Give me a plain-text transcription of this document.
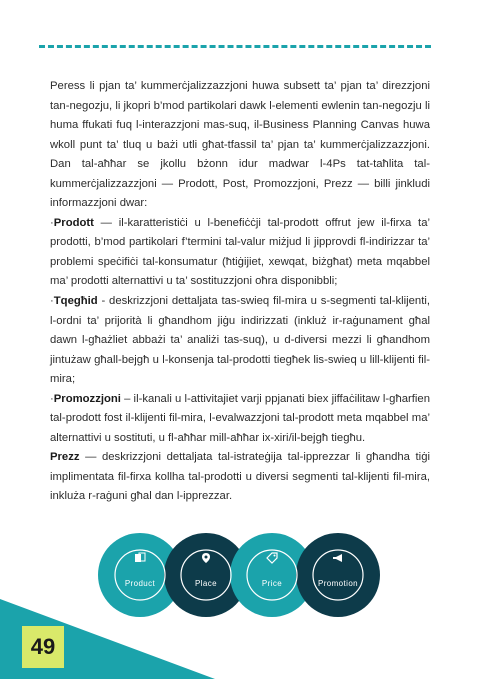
Peress li pjan ta’ kummerċjalizzazzjoni huwa subsett ta’ pjan ta’ direzzjoni tan-negozju, li jkopri b’mod partikolari dawk l-elementi ewlenin tan-negozju li huma ffukati fuq l-interazzjoni mas-suq, il-Business Planning Canvas huwa wkoll punt ta’ tluq u bażi utli għat-tfassil ta’ pjan ta’ kummerċjalizzazzjoni. Dan tal-aħħar se jkollu bżonn idur madwar l-4Ps tat-taħlita tal-kummerċjalizzazzjoni — Prodott, Post, Promozzjoni, Prezz — billi jinkludi informazzjoni dwar:

·Prodott — il-karatteristiċi u l-benefiċċji tal-prodott offrut jew il-firxa ta’ prodotti, b’mod partikolari f’termini tal-valur miżjud li jipprovdi fl-indirizzar ta’ problemi speċifiċi tal-konsumatur (ħtiġijiet, xewqat, biżgħat) meta mqabbel ma’ prodotti alternattivi u ta’ sostituzzjoni oħra disponibbli;

·Tqegħid - deskrizzjoni dettaljata tas-swieq fil-mira u s-segmenti tal-klijenti, l-ordni ta’ prijorità li għandhom jiġu indirizzati (inkluż ir-raġunament għal dawn l-għażliet abbażi ta’ analiżi tas-suq), u d-diversi mezzi li għandhom jintużaw għall-bejgħ u l-konsenja tal-prodotti tiegħek lis-swieq u lill-klijenti fil-mira;

·Promozzjoni – il-kanali u l-attivitajiet varji ppjanati biex jiffaċilitaw l-għarfien tal-prodott fost il-klijenti fil-mira, l-evalwazzjoni tal-prodott meta mqabbel ma’ alternattivi u sostituti, u fl-aħħar mill-aħħar ix-xiri/il-bejgħ tiegħu.

Prezz — deskrizzjoni dettaljata tal-istrateġija tal-ipprezzar li għandha tiġi implimentata fil-firxa kollha tal-prodotti u diversi segmenti tal-klijenti fil-mira, inkluża r-raġuni għal dan l-ipprezzar.

Product	Place	Price	Promotion
49
